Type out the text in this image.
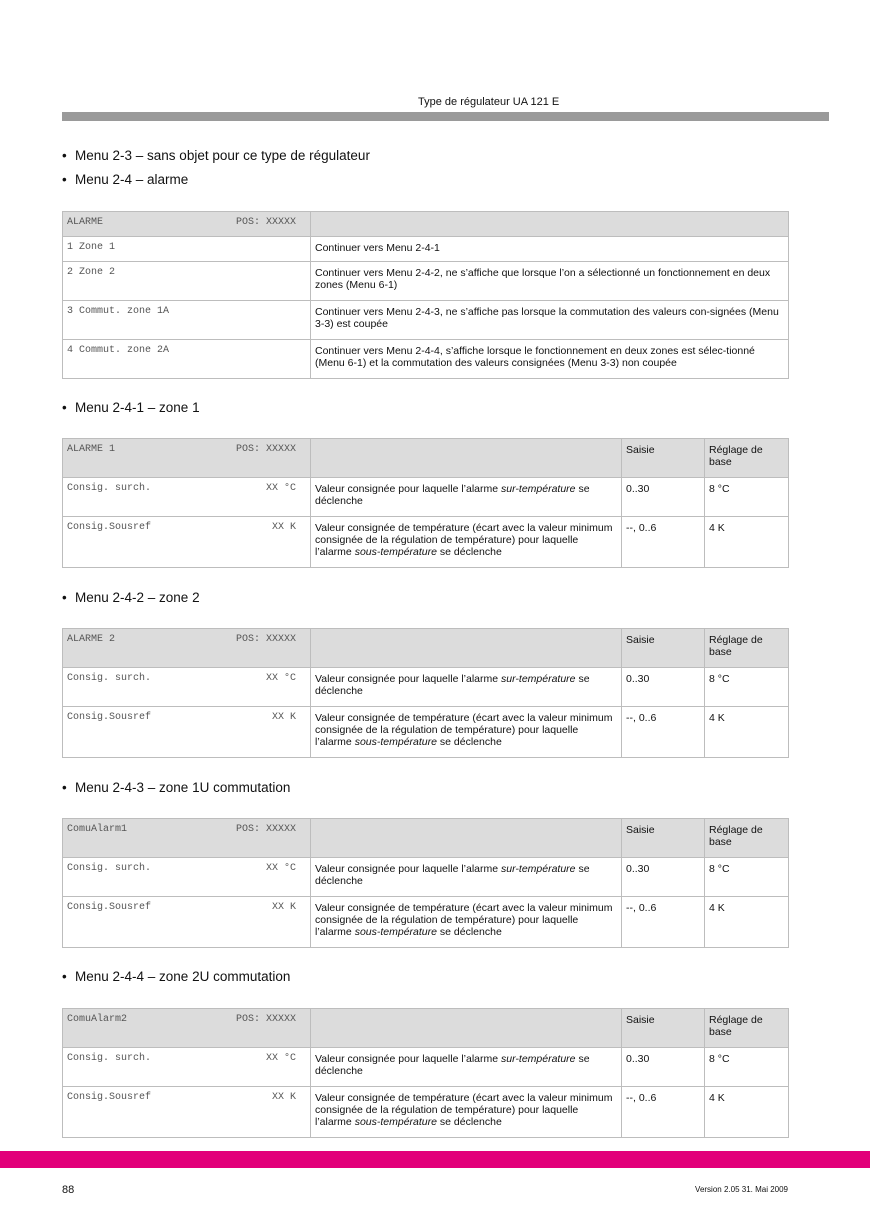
Type de régulateur UA 121 E
• Menu 2-3 – sans objet pour ce type de régulateur
• Menu 2-4 – alarme
ALARME POS: XXXXX	

1 Zone 1	Continuer vers Menu 2-4-1
2 Zone 2	Continuer vers Menu 2-4-2, ne s’affiche que lorsque l’on a sélectionné un fonctionnement en deux zones (Menu 6-1)
3 Commut. zone 1A	Continuer vers Menu 2-4-3, ne s’affiche pas lorsque la commutation des valeurs con-signées (Menu 3-3) est coupée
4 Commut. zone 2A	Continuer vers Menu 2-4-4, s’affiche lorsque le fonctionnement en deux zones est sélec-tionné (Menu 6-1) et la commutation des valeurs consignées (Menu 3-3) non coupée
• Menu 2-4-1 – zone 1
ALARME 1 POS: XXXXX		Saisie	Réglage de base
Consig. surch. XX °C	Valeur consignée pour laquelle l’alarme sur-température se déclenche	0..30	8 °C
Consig.Sousref XX K	Valeur consignée de température (écart avec la valeur minimum consignée de la régulation de température) pour laquelle l’alarme sous-température se déclenche	--, 0..6	4 K
• Menu 2-4-2 – zone 2
ALARME 2 POS: XXXXX		Saisie	Réglage de base
Consig. surch. XX °C	Valeur consignée pour laquelle l’alarme sur-température se déclenche	0..30	8 °C
Consig.Sousref XX K	Valeur consignée de température (écart avec la valeur minimum consignée de la régulation de température) pour laquelle l’alarme sous-température se déclenche	--, 0..6	4 K
• Menu 2-4-3 – zone 1U commutation
ComuAlarm1 POS: XXXXX		Saisie	Réglage de base
Consig. surch. XX °C	Valeur consignée pour laquelle l’alarme sur-température se déclenche	0..30	8 °C
Consig.Sousref XX K	Valeur consignée de température (écart avec la valeur minimum consignée de la régulation de température) pour laquelle l’alarme sous-température se déclenche	--, 0..6	4 K
• Menu 2-4-4 – zone 2U commutation
ComuAlarm2 POS: XXXXX		Saisie	Réglage de base
Consig. surch. XX °C	Valeur consignée pour laquelle l’alarme sur-température se déclenche	0..30	8 °C
Consig.Sousref XX K	Valeur consignée de température (écart avec la valeur minimum consignée de la régulation de température) pour laquelle l’alarme sous-température se déclenche	--, 0..6	4 K
88	Version 2.05 31. Mai 2009
